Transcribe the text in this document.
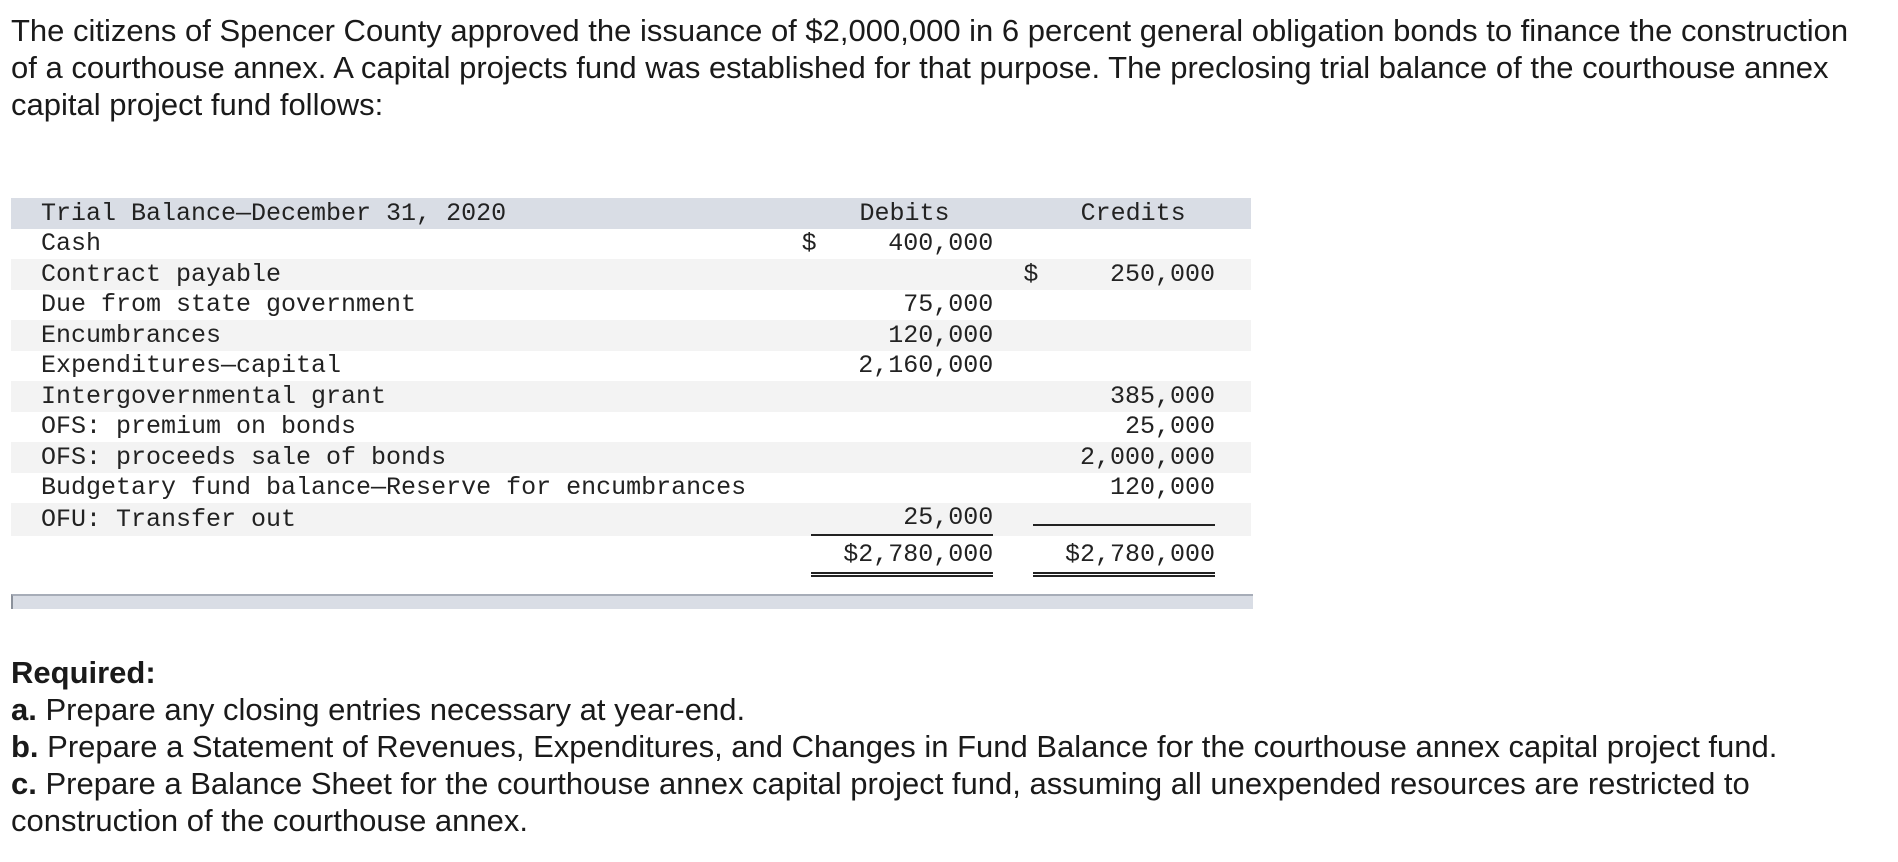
The citizens of Spencer County approved the issuance of $2,000,000 in 6 percent general obligation bonds to finance the construction of a courthouse annex. A capital projects fund was established for that purpose. The preclosing trial balance of the courthouse annex capital project fund follows:

Trial Balance—December 31, 2020	Debits	Credits
Cash	$ 400,000	

Contract payable		$ 250,000
Due from state government	75,000	

Encumbrances	120,000	

Expenditures—capital	2,160,000	

Intergovernmental grant		385,000
OFS: premium on bonds		25,000
OFS: proceeds sale of bonds		2,000,000
Budgetary fund balance—Reserve for encumbrances		120,000
OFU: Transfer out	25,000	
	$2,780,000	$2,780,000
Required:
a. Prepare any closing entries necessary at year-end.
b. Prepare a Statement of Revenues, Expenditures, and Changes in Fund Balance for the courthouse annex capital project fund.
c. Prepare a Balance Sheet for the courthouse annex capital project fund, assuming all unexpended resources are restricted to construction of the courthouse annex.
